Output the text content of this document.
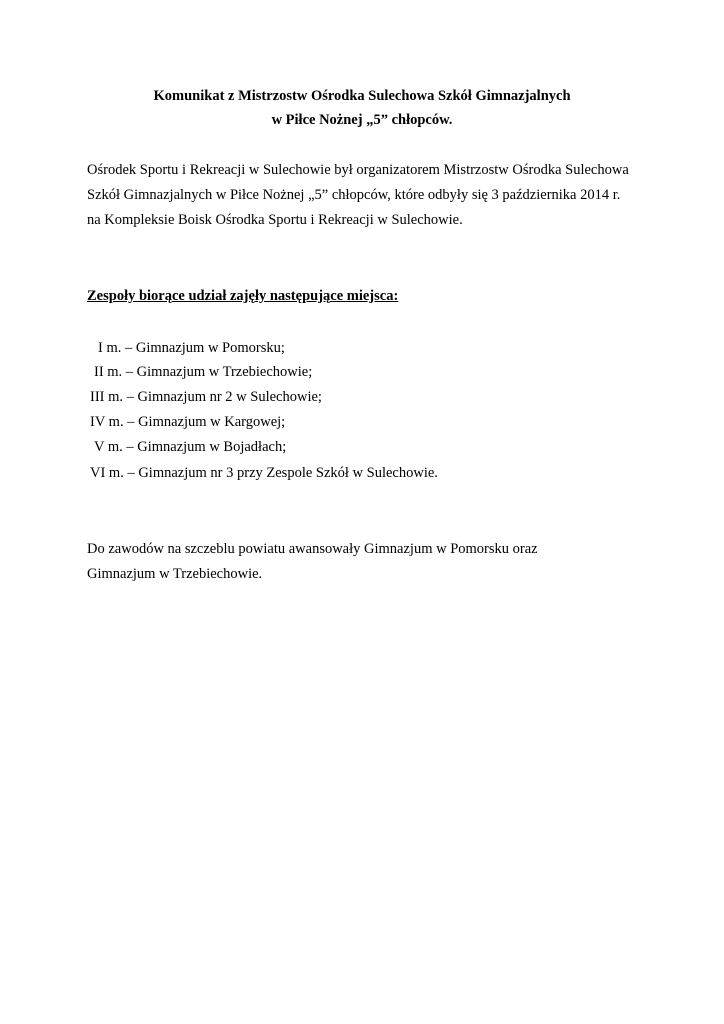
Komunikat z Mistrzostw Ośrodka Sulechowa Szkół Gimnazjalnych
w Piłce Nożnej „5” chłopców.
Ośrodek Sportu i Rekreacji w Sulechowie był organizatorem Mistrzostw Ośrodka Sulechowa
Szkół Gimnazjalnych w Piłce Nożnej „5” chłopców, które odbyły się 3 października 2014 r.
na Kompleksie Boisk Ośrodka Sportu i Rekreacji w Sulechowie.
Zespoły biorące udział zajęły następujące miejsca:
I m. – Gimnazjum w Pomorsku;
II m. – Gimnazjum w Trzebiechowie;
III m. – Gimnazjum nr 2 w Sulechowie;
IV m. – Gimnazjum w Kargowej;
V m. – Gimnazjum w Bojadłach;
VI m. – Gimnazjum nr 3 przy Zespole Szkół w Sulechowie.
Do zawodów na szczeblu powiatu awansowały Gimnazjum w Pomorsku oraz
Gimnazjum w Trzebiechowie.
